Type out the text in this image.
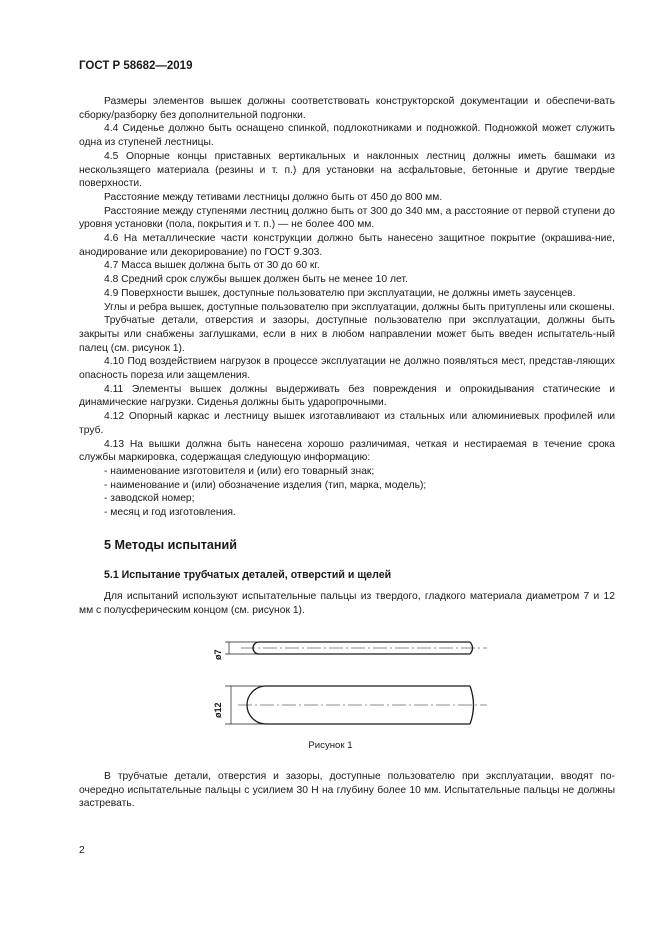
ГОСТ Р 58682—2019

Размеры элементов вышек должны соответствовать конструкторской документации и обеспечи-вать сборку/разборку без дополнительной подгонки.

4.4 Сиденье должно быть оснащено спинкой, подлокотниками и подножкой. Подножкой может служить одна из ступеней лестницы.

4.5 Опорные концы приставных вертикальных и наклонных лестниц должны иметь башмаки из нескользящего материала (резины и т. п.) для установки на асфальтовые, бетонные и другие твердые поверхности.

Расстояние между тетивами лестницы должно быть от 450 до 800 мм.

Расстояние между ступенями лестниц должно быть от 300 до 340 мм, а расстояние от первой ступени до уровня установки (пола, покрытия и т. п.) — не более 400 мм.

4.6 На металлические части конструкции должно быть нанесено защитное покрытие (окрашива-ние, анодирование или декорирование) по ГОСТ 9.303.

4.7 Масса вышек должна быть от 30 до 60 кг.

4.8 Средний срок службы вышек должен быть не менее 10 лет.

4.9 Поверхности вышек, доступные пользователю при эксплуатации, не должны иметь заусенцев.

Углы и ребра вышек, доступные пользователю при эксплуатации, должны быть притуплены или скошены.

Трубчатые детали, отверстия и зазоры, доступные пользователю при эксплуатации, должны быть закрыты или снабжены заглушками, если в них в любом направлении может быть введен испытатель-ный палец (см. рисунок 1).

4.10 Под воздействием нагрузок в процессе эксплуатации не должно появляться мест, представ-ляющих опасность пореза или защемления.

4.11 Элементы вышек должны выдерживать без повреждения и опрокидывания статические и динамические нагрузки. Сиденья должны быть ударопрочными.

4.12 Опорный каркас и лестницу вышек изготавливают из стальных или алюминиевых профилей или труб.

4.13 На вышки должна быть нанесена хорошо различимая, четкая и нестираемая в течение срока службы маркировка, содержащая следующую информацию:

- наименование изготовителя и (или) его товарный знак;

- наименование и (или) обозначение изделия (тип, марка, модель);

- заводской номер;

- месяц и год изготовления.

5 Методы испытаний
5.1 Испытание трубчатых деталей, отверстий и щелей

Для испытаний используют испытательные пальцы из твердого, гладкого материала диаметром 7 и 12 мм с полусферическим концом (см. рисунок 1).

ø7
ø12
Рисунок 1

В трубчатые детали, отверстия и зазоры, доступные пользователю при эксплуатации, вводят по-очередно испытательные пальцы с усилием 30 Н на глубину более 10 мм. Испытательные пальцы не должны застревать.

2
